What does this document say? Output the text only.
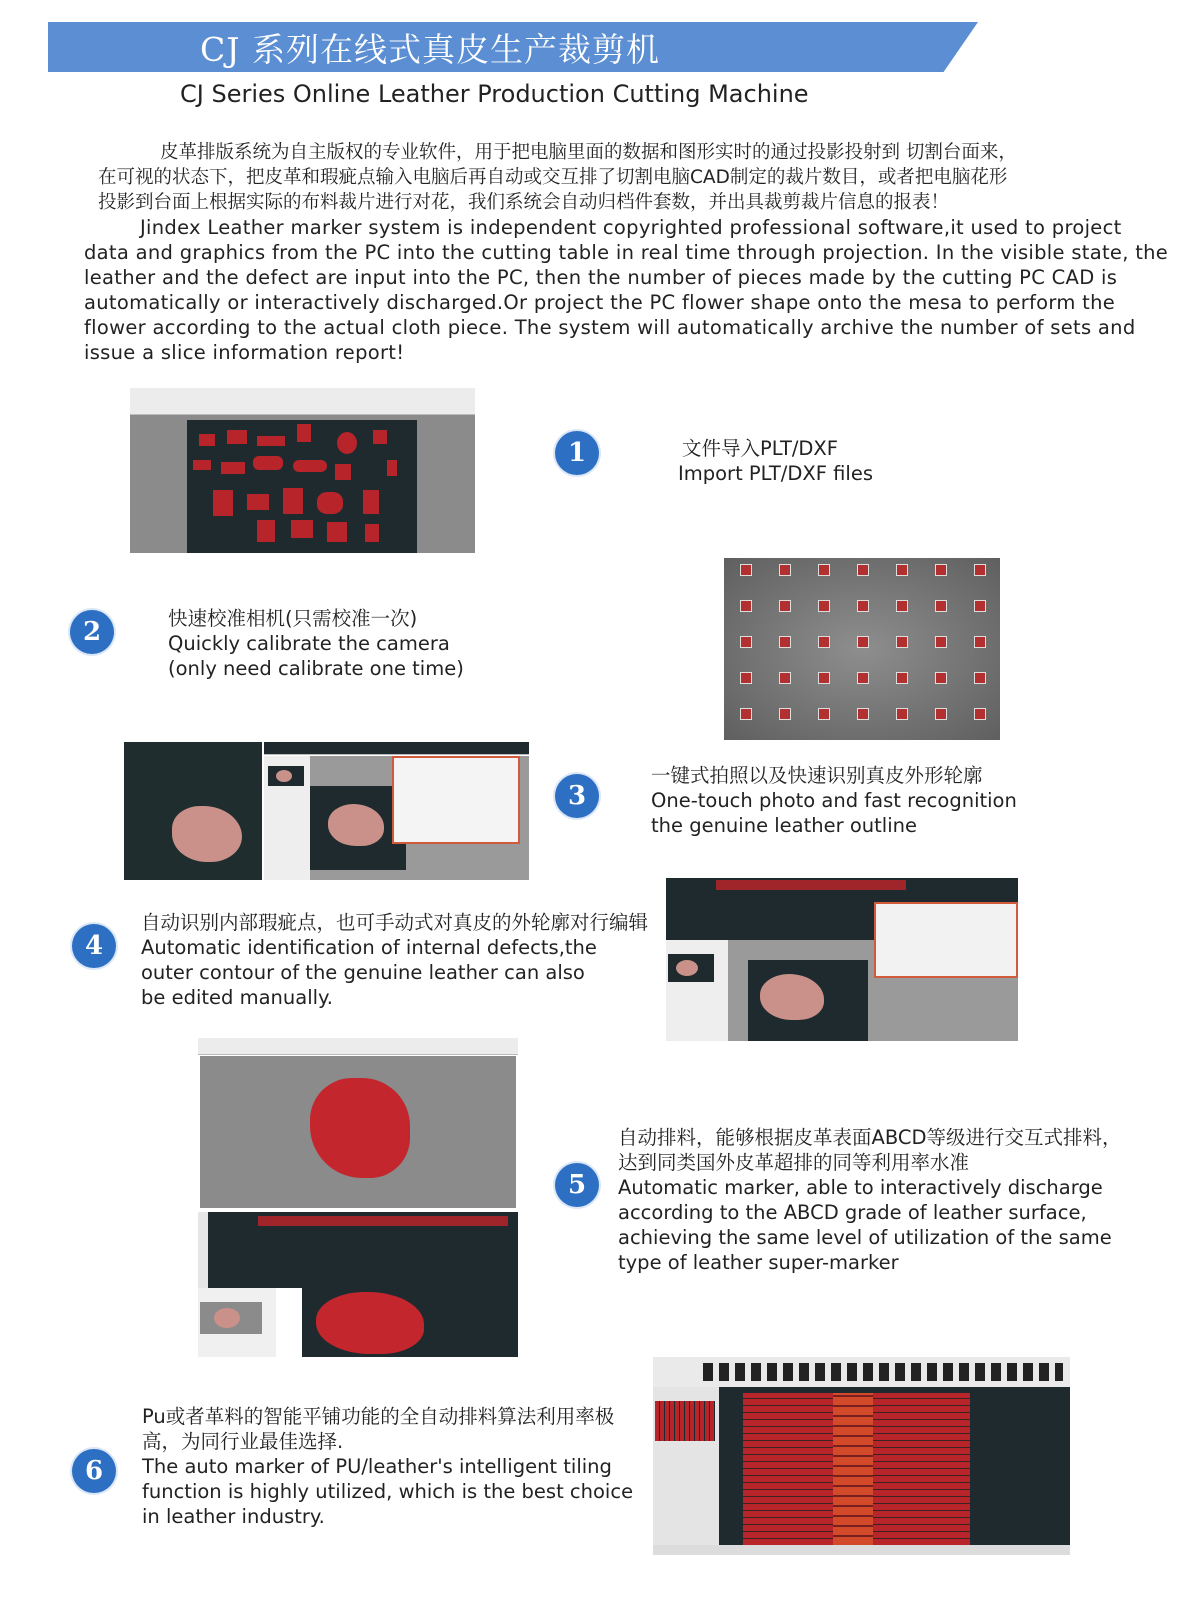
CJ 系列在线式真皮生产裁剪机
CJ Series Online Leather Production Cutting Machine
皮革排版系统为自主版权的专业软件，用于把电脑里面的数据和图形实时的通过投影投射到 切割台面来，
在可视的状态下，把皮革和瑕疵点输入电脑后再自动或交互排了切割电脑CAD制定的裁片数目，或者把电脑花形
投影到台面上根据实际的布料裁片进行对花，我们系统会自动归档件套数，并出具裁剪裁片信息的报表！
Jindex Leather marker system is independent copyrighted professional software,it used to project data and graphics from the PC into the cutting table in real time through projection. In the visible state, the leather and the defect are input into the PC, then the number of pieces made by the cutting PC CAD is automatically or interactively discharged.Or project the PC flower shape onto the mesa to perform the flower according to the actual cloth piece. The system will automatically archive the number of sets and issue a slice information report!
1	文件导入PLT/DXF
Import PLT/DXF files
2	快速校准相机(只需校准一次)
Quickly calibrate the camera
(only need calibrate one time)
3
一键式拍照以及快速识别真皮外形轮廓
One-touch photo and fast recognition
the genuine leather outline
4
自动识别内部瑕疵点，也可手动式对真皮的外轮廓对行编辑
Automatic identification of internal defects,the
outer contour of the genuine leather can also
be edited manually.
5
自动排料，能够根据皮革表面ABCD等级进行交互式排料，
达到同类国外皮革超排的同等利用率水准
Automatic marker, able to interactively discharge
according to the ABCD grade of leather surface,
achieving the same level of utilization of the same
type of leather super-marker
6
Pu或者革料的智能平铺功能的全自动排料算法利用率极
高，为同行业最佳选择.
The auto marker of PU/leather's intelligent tiling
function is highly utilized, which is the best choice
in leather industry.
